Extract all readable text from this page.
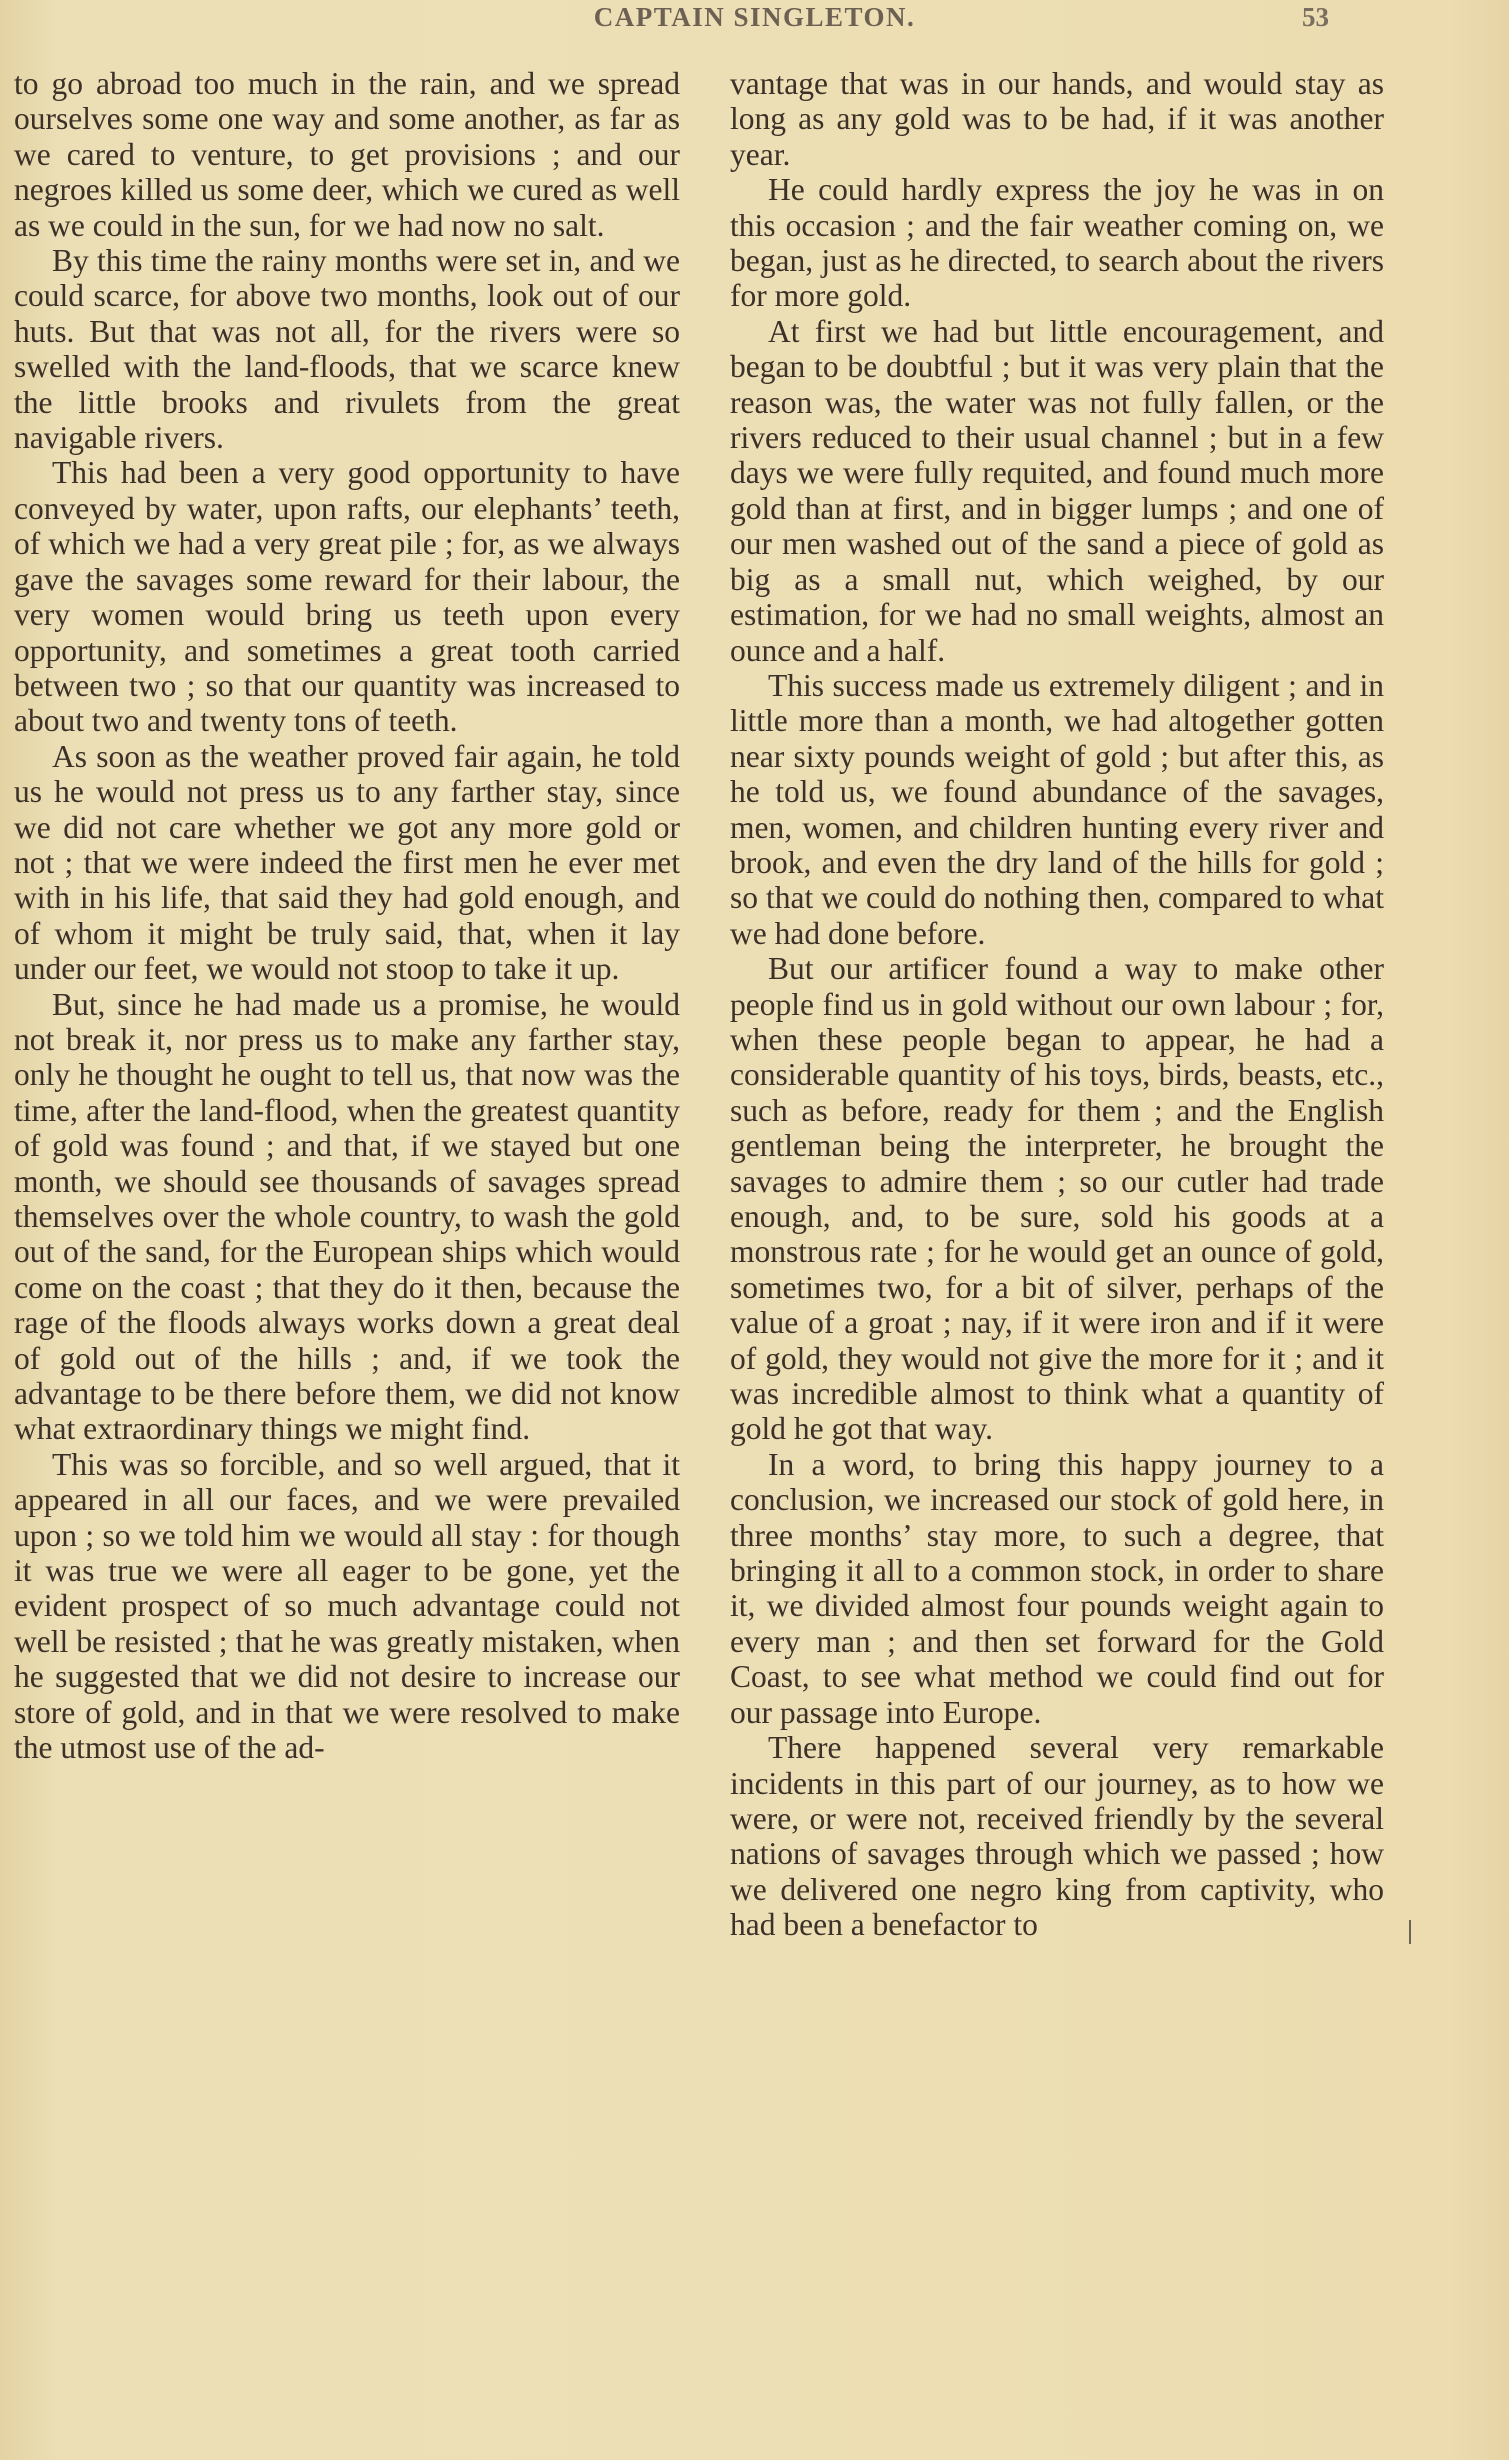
CAPTAIN SINGLETON.	53

to go abroad too much in the rain, and we spread ourselves some one way and some another, as far as we cared to venture, to get provisions ; and our negroes killed us some deer, which we cured as well as we could in the sun, for we had now no salt.

By this time the rainy months were set in, and we could scarce, for above two months, look out of our huts. But that was not all, for the rivers were so swelled with the land-floods, that we scarce knew the little brooks and rivulets from the great navigable rivers.

This had been a very good opportunity to have conveyed by water, upon rafts, our elephants’ teeth, of which we had a very great pile ; for, as we always gave the savages some reward for their labour, the very women would bring us teeth upon every opportunity, and sometimes a great tooth carried between two ; so that our quantity was increased to about two and twenty tons of teeth.

As soon as the weather proved fair again, he told us he would not press us to any farther stay, since we did not care whether we got any more gold or not ; that we were indeed the first men he ever met with in his life, that said they had gold enough, and of whom it might be truly said, that, when it lay under our feet, we would not stoop to take it up.

But, since he had made us a promise, he would not break it, nor press us to make any farther stay, only he thought he ought to tell us, that now was the time, after the land-flood, when the greatest quantity of gold was found ; and that, if we stayed but one month, we should see thousands of savages spread themselves over the whole country, to wash the gold out of the sand, for the European ships which would come on the coast ; that they do it then, because the rage of the floods always works down a great deal of gold out of the hills ; and, if we took the advantage to be there before them, we did not know what extraordinary things we might find.

This was so forcible, and so well argued, that it appeared in all our faces, and we were prevailed upon ; so we told him we would all stay : for though it was true we were all eager to be gone, yet the evident prospect of so much advantage could not well be resisted ; that he was greatly mistaken, when he suggested that we did not desire to increase our store of gold, and in that we were resolved to make the utmost use of the ad-

vantage that was in our hands, and would stay as long as any gold was to be had, if it was another year.

He could hardly express the joy he was in on this occasion ; and the fair weather coming on, we began, just as he directed, to search about the rivers for more gold.

At first we had but little encouragement, and began to be doubtful ; but it was very plain that the reason was, the water was not fully fallen, or the rivers reduced to their usual channel ; but in a few days we were fully requited, and found much more gold than at first, and in bigger lumps ; and one of our men washed out of the sand a piece of gold as big as a small nut, which weighed, by our estimation, for we had no small weights, almost an ounce and a half.

This success made us extremely diligent ; and in little more than a month, we had altogether gotten near sixty pounds weight of gold ; but after this, as he told us, we found abundance of the savages, men, women, and children hunting every river and brook, and even the dry land of the hills for gold ; so that we could do nothing then, compared to what we had done before.

But our artificer found a way to make other people find us in gold without our own labour ; for, when these people began to appear, he had a considerable quantity of his toys, birds, beasts, etc., such as before, ready for them ; and the English gentleman being the interpreter, he brought the savages to admire them ; so our cutler had trade enough, and, to be sure, sold his goods at a monstrous rate ; for he would get an ounce of gold, sometimes two, for a bit of silver, perhaps of the value of a groat ; nay, if it were iron and if it were of gold, they would not give the more for it ; and it was incredible almost to think what a quantity of gold he got that way.

In a word, to bring this happy journey to a conclusion, we increased our stock of gold here, in three months’ stay more, to such a degree, that bringing it all to a common stock, in order to share it, we divided almost four pounds weight again to every man ; and then set forward for the Gold Coast, to see what method we could find out for our passage into Europe.

There happened several very remarkable incidents in this part of our journey, as to how we were, or were not, received friendly by the several nations of savages through which we passed ; how we delivered one negro king from captivity, who had been a benefactor to
